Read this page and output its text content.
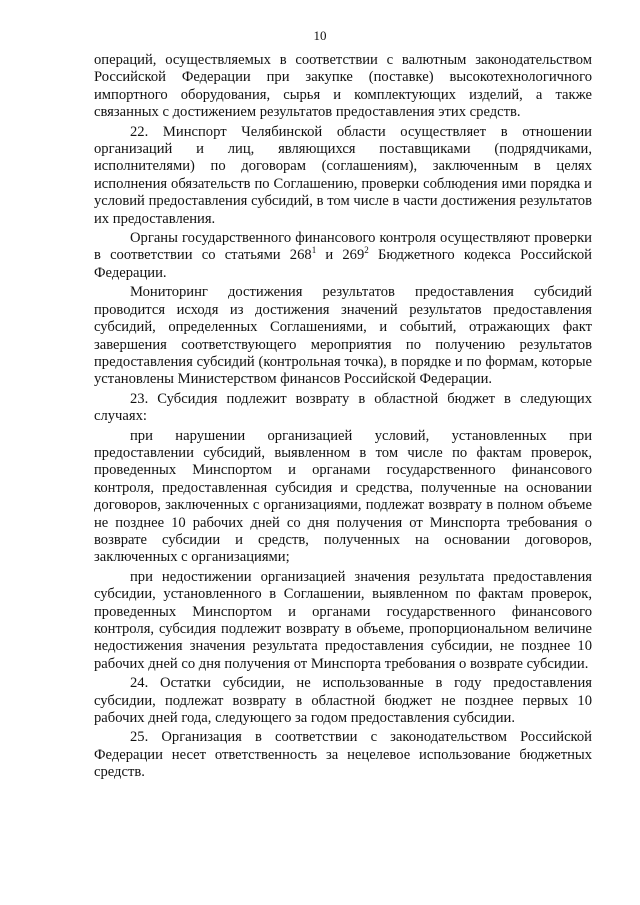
10

операций, осуществляемых в соответствии с валютным законодательством Российской Федерации при закупке (поставке) высокотехнологичного импортного оборудования, сырья и комплектующих изделий, а также связанных с достижением результатов предоставления этих средств.

22. Минспорт Челябинской области осуществляет в отношении организаций и лиц, являющихся поставщиками (подрядчиками, исполнителями) по договорам (соглашениям), заключенным в целях исполнения обязательств по Соглашению, проверки соблюдения ими порядка и условий предоставления субсидий, в том числе в части достижения результатов их предоставления.

Органы государственного финансового контроля осуществляют проверки в соответствии со статьями $268^1$ и $269^2$ Бюджетного кодекса Российской Федерации.

Мониторинг достижения результатов предоставления субсидий проводится исходя из достижения значений результатов предоставления субсидий, определенных Соглашениями, и событий, отражающих факт завершения соответствующего мероприятия по получению результатов предоставления субсидий (контрольная точка), в порядке и по формам, которые установлены Министерством финансов Российской Федерации.

23. Субсидия подлежит возврату в областной бюджет в следующих случаях:

при нарушении организацией условий, установленных при предоставлении субсидий, выявленном в том числе по фактам проверок, проведенных Минспортом и органами государственного финансового контроля, предоставленная субсидия и средства, полученные на основании договоров, заключенных с организациями, подлежат возврату в полном объеме не позднее 10 рабочих дней со дня получения от Минспорта требования о возврате субсидии и средств, полученных на основании договоров, заключенных с организациями;

при недостижении организацией значения результата предоставления субсидии, установленного в Соглашении, выявленном по фактам проверок, проведенных Минспортом и органами государственного финансового контроля, субсидия подлежит возврату в объеме, пропорциональном величине недостижения значения результата предоставления субсидии, не позднее 10 рабочих дней со дня получения от Минспорта требования о возврате субсидии.

24. Остатки субсидии, не использованные в году предоставления субсидии, подлежат возврату в областной бюджет не позднее первых 10 рабочих дней года, следующего за годом предоставления субсидии.

25. Организация в соответствии с законодательством Российской Федерации несет ответственность за нецелевое использование бюджетных средств.
